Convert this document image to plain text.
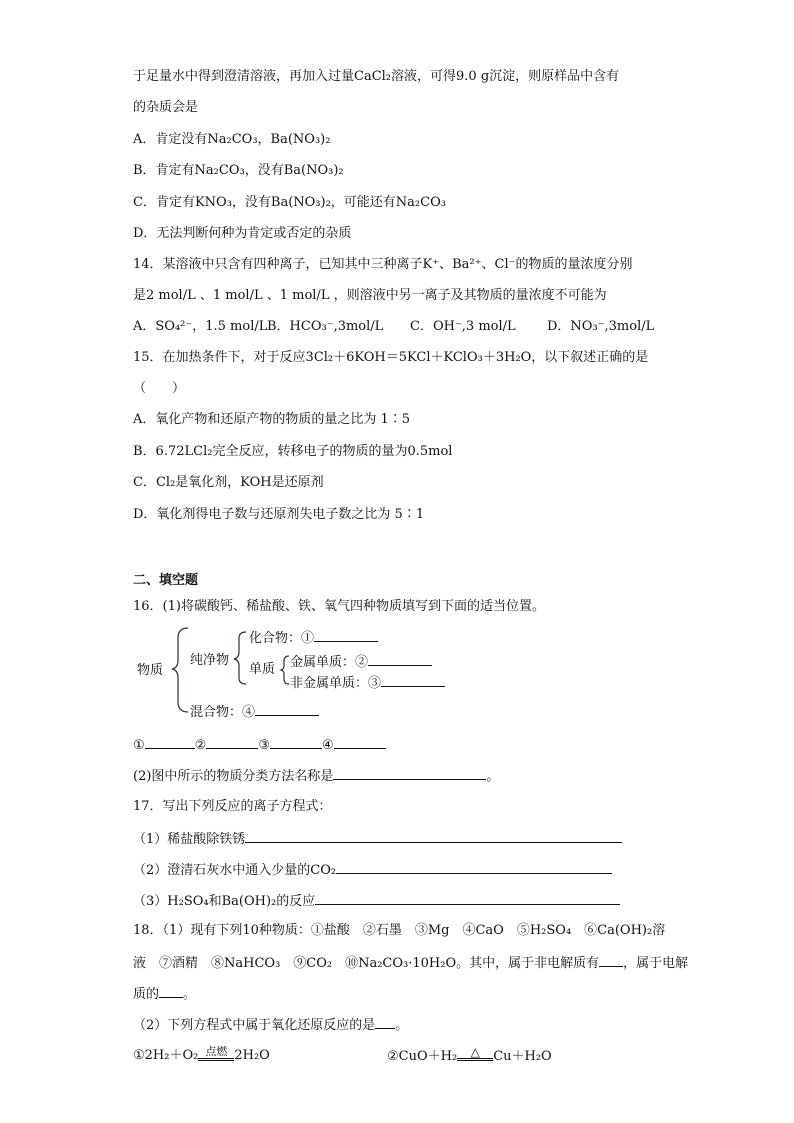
于足量水中得到澄清溶液，再加入过量CaCl₂溶液，可得9.0 g沉淀，则原样品中含有
的杂质会是
A．肯定没有Na₂CO₃，Ba(NO₃)₂
B．肯定有Na₂CO₃，没有Ba(NO₃)₂
C．肯定有KNO₃，没有Ba(NO₃)₂，可能还有Na₂CO₃
D．无法判断何种为肯定或否定的杂质
14．某溶液中只含有四种离子，已知其中三种离子K⁺、Ba²⁺、Cl⁻的物质的量浓度分别
是2 mol/L 、1 mol/L 、1 mol/L ，则溶液中另一离子及其物质的量浓度不可能为
A．SO₄²⁻，1.5 mol/L B．HCO₃⁻,3mol/L C．OH⁻,3 mol/L D．NO₃⁻,3mol/L
15．在加热条件下，对于反应3Cl₂＋6KOH＝5KCl＋KClO₃＋3H₂O，以下叙述正确的是
（　　）
A．氧化产物和还原产物的物质的量之比为 1∶5
B．6.72LCl₂完全反应，转移电子的物质的量为0.5mol
C．Cl₂是氧化剂，KOH是还原剂
D．氧化剂得电子数与还原剂失电子数之比为 5∶1
二、填空题
16．(1)将碳酸钙、稀盐酸、铁、氧气四种物质填写到下面的适当位置。
物质
纯净物
化合物：①
单质 金属单质：②
非金属单质：③
混合物：④
①	②	③	④
(2)图中所示的物质分类方法名称是	。
17．写出下列反应的离子方程式：
（1）稀盐酸除铁锈
（2）澄清石灰水中通入少量的CO₂
（3）H₂SO₄和Ba(OH)₂的反应
18．（1）现有下列10种物质：①盐酸　②石墨　③Mg　④CaO　⑤H₂SO₄　⑥Ca(OH)₂溶
液　⑦酒精　⑧NaHCO₃　⑨CO₂　⑩Na₂CO₃·10H₂O。其中，属于非电解质有 ，属于电解
质的 。
（2）下列方程式中属于氧化还原反应的是 。
①2H₂＋O₂ 点燃 2H₂O	②CuO＋H₂ △ Cu＋H₂O
